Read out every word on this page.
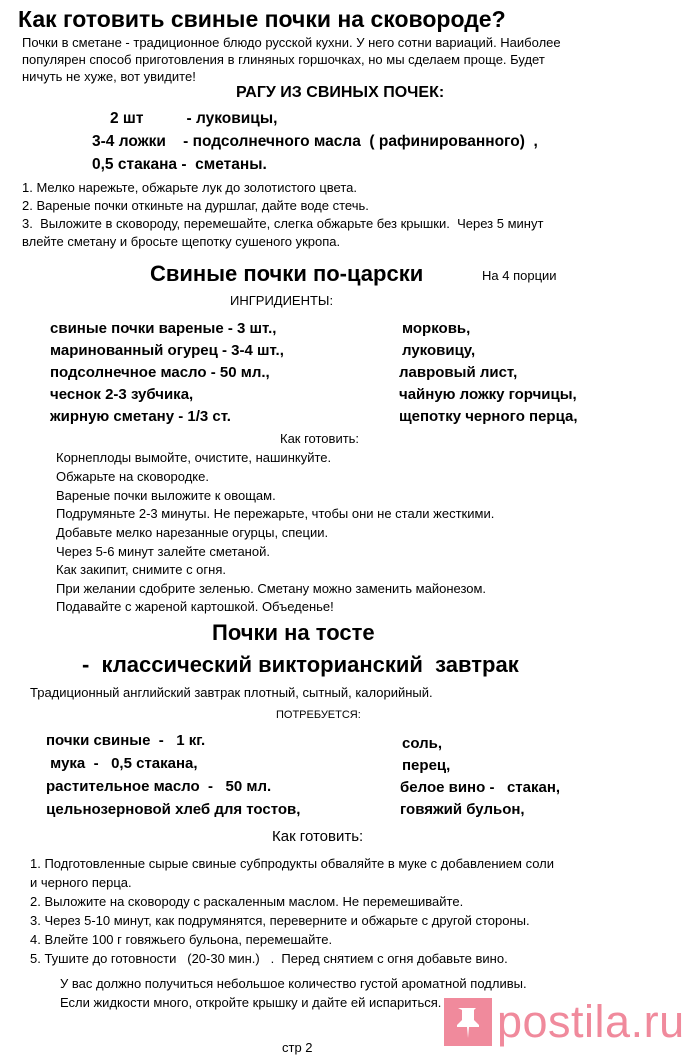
Как готовить свиные почки на сковороде?
Почки в сметане - традиционное блюдо русской кухни. У него сотни вариаций. Наиболее
популярен способ приготовления в глиняных горшочках, но мы сделаем проще. Будет
ничуть не хуже, вот увидите!
РАГУ ИЗ СВИНЫХ ПОЧЕК:
2 шт          - луковицы,
3-4 ложки    - подсолнечного масла  ( рафинированного)  ,
0,5 стакана -  сметаны.
1. Мелко нарежьте, обжарьте лук до золотистого цвета.
2. Вареные почки откиньте на дуршлаг, дайте воде стечь.
3.  Выложите в сковороду, перемешайте, слегка обжарьте без крышки.  Через 5 минут
влейте сметану и бросьте щепотку сушеного укропа.
Свиные почки по-царски	На 4 порции
ИНГРИДИЕНТЫ:
свиные почки вареные - 3 шт.,
маринованный огурец - 3-4 шт.,
подсолнечное масло - 50 мл.,
чеснок 2-3 зубчика,
жирную сметану - 1/3 ст.
морковь,
луковицу,
лавровый лист,
чайную ложку горчицы,
щепотку черного перца,
Как готовить:
Корнеплоды вымойте, очистите, нашинкуйте.
Обжарьте на сковородке.
Вареные почки выложите к овощам.
Подрумяньте 2-3 минуты. Не пережарьте, чтобы они не стали жесткими.
Добавьте мелко нарезанные огурцы, специи.
Через 5-6 минут залейте сметаной.
Как закипит, снимите с огня.
При желании сдобрите зеленью. Сметану можно заменить майонезом.
Подавайте с жареной картошкой. Объеденье!
Почки на тосте
-  классический викторианский  завтрак
Традиционный английский завтрак плотный, сытный, калорийный.
ПОТРЕБУЕТСЯ:
почки свиные  -   1 кг.
мука  -   0,5 стакана,
растительное масло  -   50 мл.
цельнозерновой хлеб для тостов,
соль,
перец,
белое вино -   стакан,
говяжий бульон,
Как готовить:
1. Подготовленные сырые свиные субпродукты обваляйте в муке с добавлением соли
и черного перца.
2. Выложите на сковороду с раскаленным маслом. Не перемешивайте.
3. Через 5-10 минут, как подрумянятся, переверните и обжарьте с другой стороны.
4. Влейте 100 г говяжьего бульона, перемешайте.
5. Тушите до готовности   (20-30 мин.)   .  Перед снятием с огня добавьте вино.
У вас должно получиться небольшое количество густой ароматной подливы.
Если жидкости много, откройте крышку и дайте ей испариться.
стр 2
postila.ru
